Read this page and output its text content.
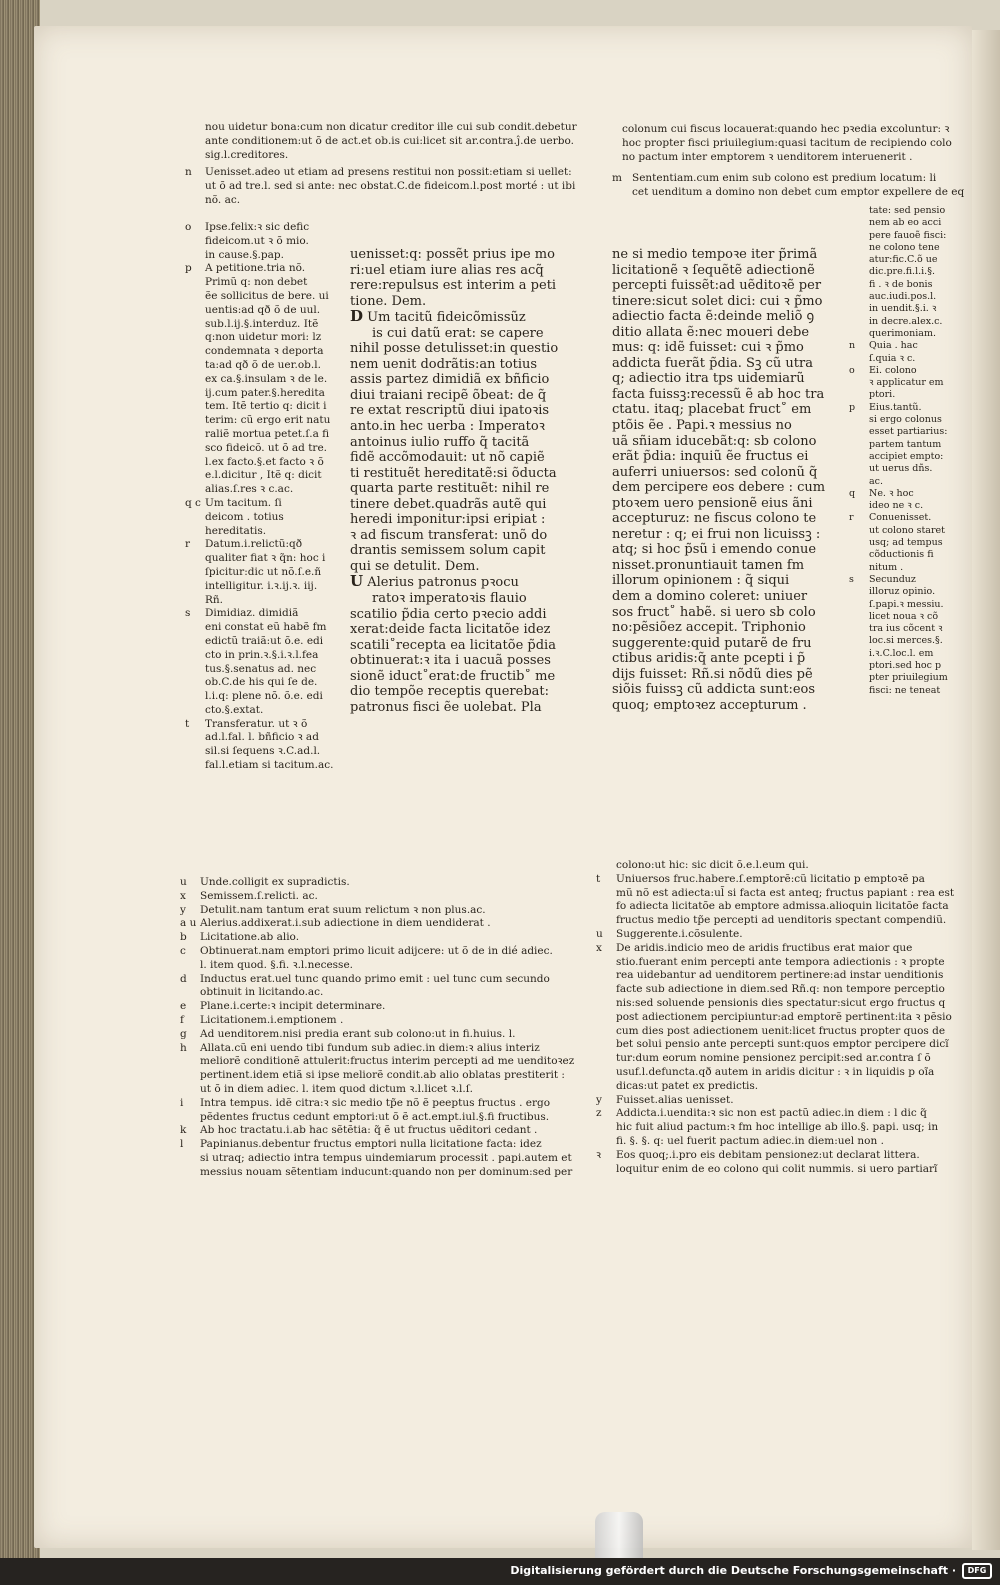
nou uidetur bona:cum non dicatur creditor ille cui sub condit.debetur
ante conditionem:ut õ de act.et ob.is cui:licet sit ar.contra.ĵ.de uerbo.
sig.l.creditores.
n Uenisset.adeo ut etiam ad presens restitui non possit:etiam si uellet:
ut õ ad tre.l. sed si ante: nec obstat.C.de fideicom.l.post morté : ut ibi
nõ. ac.
o Ipse.felix:ꝛ sic defic
fideicom.ut ꝛ õ mio.
in cause.§.pap.
p A petitione.tria nõ.
Primũ q: non debet
ẽe sollicitus de bere. ui
uentis:ad qð õ de uul.
sub.l.ij.§.interduz. Itẽ
q:non uidetur mori: lz
condemnata ꝛ deporta
ta:ad qð õ de uer.ob.l.
ex ca.§.insulam ꝛ de le.
ij.cum pater.§.heredita
tem. Itẽ tertio q: dicit i
terim: cũ ergo erit natu
raliẽ mortua petet.ſ.a fi
sco fideicõ. ut õ ad tre.
l.ex facto.§.et facto ꝛ õ
e.l.dicitur , Itẽ q: dicit
alias.ſ.res ꝛ c.ac.
q c Um tacitum. ſi
deicom . totius
hereditatis.
r Datum.i.relictũ:qð
qualiter fiat ꝛ q̃n: hoc i
ſpicitur:dic ut nõ.ſ.e.ñ
intelligitur. i.ꝛ.ij.ꝛ. iij.
Rñ.
s Dimidiaz. dimidiã
eni constat eũ habẽ fm
edictũ traiã:ut õ.e. edi
cto in prin.ꝛ.§.i.ꝛ.l.fea
tus.§.senatus ad. nec
ob.C.de his qui ſe de.
l.i.q: plene nõ. õ.e. edi
cto.§.extat.
t Transferatur. ut ꝛ õ
ad.l.fal. l. bñficio ꝛ ad
sil.si ſequens ꝛ.C.ad.l.
fal.l.etiam si tacitum.ac.
uenisset:q: possẽt prius ipe mo
ri:uel etiam iure alias res acq̃
rere:repulsus est interim a peti
tione. Dem.
D Um tacitũ fideicõmissũz
is cui datũ erat: se capere
nihil posse detulisset:in questio
nem uenit dodrãtis:an totius
assis partez dimidiã ex bñficio
diui traiani recipẽ õbeat: de q̃
re extat rescriptũ diui ipatoꝛis
anto.in hec uerba : Imperatoꝛ
antoinus iulio ruffo q̃ tacitã
fidẽ accõmodauit: ut nõ capiẽ
ti restituẽt hereditatẽ:si õducta
quarta parte restituẽt: nihil re
tinere debet.quadrãs autẽ qui
heredi imponitur:ipsi eripiat :
ꝛ ad fiscum transferat: unõ do
drantis semissem solum capit
qui se detulit. Dem.
U Alerius patronus pꝛocu
ratoꝛ imperatoꝛis flauio
scatilio p̃dia certo pꝛecio addi
xerat:deide facta licitatõe idez
scatili˚recepta ea licitatõe p̃dia
obtinuerat:ꝛ ita i uacuã posses
sionẽ iduct˚erat:de fructib˚ me
dio tempõe receptis querebat:
patronus fisci ẽe uolebat. Pla
ne si medio tempoꝛe iter p̃rimã
licitationẽ ꝛ ſequẽtẽ adiectionẽ
percepti fuissẽt:ad uẽditoꝛẽ per
tinere:sicut solet dici: cui ꝛ p̃mo
adiectio facta ẽ:deinde meliõ ꝯ
ditio allata ẽ:nec moueri debe
mus: q: idẽ fuisset: cui ꝛ p̃mo
addicta fuerãt p̃dia. Sꝫ cũ utra
q; adiectio itra t̃ps uidemiarũ
facta fuissꝫ:recessũ ẽ ab hoc tra
ctatu. itaq; placebat fruct˚ em
ptõis ẽe . Papi.ꝛ messius no
uã sñiam iducebãt:q: sb colono
erãt p̃dia: inquiũ ẽe fructus ei
auferri uniuersos: sed colonũ q̃
dem percipere eos debere : cum
ptoꝛem uero pensionẽ eius ãni
accepturuz: ne fiscus colono te
neretur : q; ei frui non licuissꝫ :
atq; si hoc p̃sũ i emendo conue
nisset.pronuntiauit tamen fm
illorum opinionem : q̃ siqui
dem a domino coleret: uniuer
sos fruct˚ habẽ. si uero sb colo
no:pẽsiõez accepit. Triphonio
suggerente:quid putarẽ de fru
ctibus aridis:q̃ ante pcepti i p̃
dijs fuisset: Rñ.si nõdũ dies pẽ
siõis fuissꝫ cũ addicta sunt:eos
quoq; emptoꝛez accepturum .
colonum cui fiscus locauerat:quando hec pꝛedia excoluntur: ꝛ
hoc propter fisci priuilegium:quasi tacitum de recipiendo colo
no pactum inter emptorem ꝛ uenditorem interuenerit .
m Sententiam.cum enim sub colono est predium locatum: li
cet uenditum a domino non debet cum emptor expellere de eq
tate: sed pensio
nem ab eo acci
pere fauoẽ fisci:
ne colono tene
atur:fic.C.õ ue
dic.pre.fi.l.i.§.
fi . ꝛ de bonis
auc.iudi.pos.l.
in uendit.§.i. ꝛ
in decre.alex.c.
querimoniam.
n Quia . hac
ſ.quia ꝛ c.
o Ei. colono
ꝛ applicatur em
ptori.
p Eius.tantũ.
si ergo colonus
esset partiarius:
partem tantum
accipiet empto:
ut uerus dñs.
ac.
q Ne. ꝛ hoc
ideo ne ꝛ c.
r Conuenisset.
ut colono staret
usq; ad tempus
cõductionis fi
nitum .
s Secunduz
illoruz opinio.
ſ.papi.ꝛ messiu.
licet noua ꝛ cõ
tra ius cõcent ꝛ
loc.si merces.§.
i.ꝛ.C.loc.l. em
ptori.sed hoc p
pter priuilegium
fisci: ne teneat
u Unde.colligit ex supradictis.
x Semissem.ſ.relicti. ac.
y Detulit.nam tantum erat suum relictum ꝛ non plus.ac.
a u Alerius.addixerat.i.sub adiectione in diem uendiderat .
b Licitatione.ab alio.
c Obtinuerat.nam emptori primo licuit adijcere: ut õ de in dié adiec.
l. item quod. §.fi. ꝛ.l.necesse.
d Inductus erat.uel tunc quando primo emit : uel tunc cum secundo
obtinuit in licitando.ac.
e Plane.i.certe:ꝛ incipit determinare.
f Licitationem.i.emptionem .
g Ad uenditorem.nisi predia erant sub colono:ut in fi.huius. l.
h Allata.cũ eni uendo tibi fundum sub adiec.in diem:ꝛ alius interiz
meliorẽ conditionẽ attulerit:fructus interim percepti ad me uenditoꝛez
pertinent.idem etiã si ipse meliorẽ condit.ab alio oblatas prestiterit :
ut õ in diem adiec. l. item quod dictum ꝛ.l.licet ꝛ.l.ſ.
i Intra tempus. idẽ citra:ꝛ sic medio tp̃e nõ ẽ peeptus fructus . ergo
pẽdentes fructus cedunt emptori:ut õ ẽ act.empt.iul.§.fi fructibus.
k Ab hoc tractatu.i.ab hac sẽtẽtia: q̃ ẽ ut fructus uẽditori cedant .
l Papinianus.debentur fructus emptori nulla licitatione facta: idez
si utraq; adiectio intra tempus uindemiarum processit . papi.autem et
messius nouam sẽtentiam inducunt:quando non per dominum:sed per
colono:ut hic: sic dicit õ.e.l.eum qui.
t Uniuersos fruc.habere.ſ.emptorẽ:cũ licitatio p emptoꝛẽ pa
mũ nõ est adiecta:ul̃ si facta est anteq; fructus papiant : rea est
fo adiecta licitatõe ab emptore admissa.alioquin licitatõe facta
fructus medio tp̃e percepti ad uenditoris spectant compendiũ.
u Suggerente.i.cõsulente.
x De aridis.indicio meo de aridis fructibus erat maior que
stio.fuerant enim percepti ante tempora adiectionis : ꝛ propte
rea uidebantur ad uenditorem pertinere:ad instar uenditionis
facte sub adiectione in diem.sed Rñ.q: non tempore perceptio
nis:sed soluende pensionis dies spectatur:sicut ergo fructus q
post adiectionem percipiuntur:ad emptorẽ pertinent:ita ꝛ pẽsio
cum dies post adiectionem uenit:licet fructus propter quos de
bet solui pensio ante percepti sunt:quos emptor percipere dicĩ
tur:dum eorum nomine pensionez percipit:sed ar.contra ſ õ
usuf.l.defuncta.qð autem in aridis dicitur : ꝛ in liquidis p oĩa
dicas:ut patet ex predictis.
y Fuisset.alias uenisset.
z Addicta.i.uendita:ꝛ sic non est pactũ adiec.in diem : l dic q̃
hic fuit aliud pactum:ꝛ fm hoc intellige ab illo.§. papi. usq; in
fi. §. §. q: uel fuerit pactum adiec.in diem:uel non .
ꝛ Eos quoq;.i.pro eis debitam pensionez:ut declarat littera.
loquitur enim de eo colono qui colit nummis. si uero partiarĩ
Digitalisierung gefördert durch die Deutsche Forschungsgemeinschaft ·	DFG
